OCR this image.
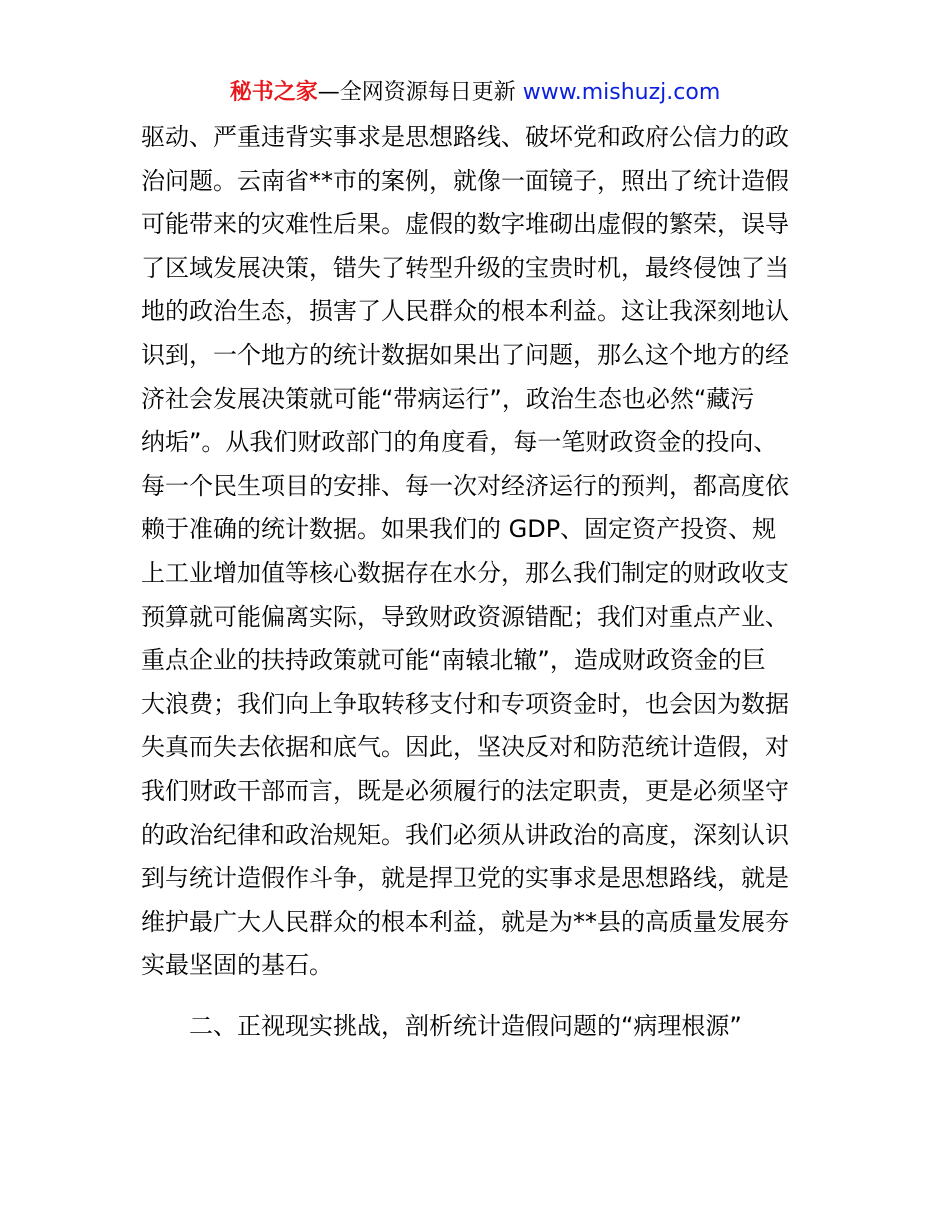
秘书之家—全网资源每日更新 www.mishuzj.com
驱动、严重违背实事求是思想路线、破坏党和政府公信力的政
治问题。云南省**市的案例，就像一面镜子，照出了统计造假
可能带来的灾难性后果。虚假的数字堆砌出虚假的繁荣，误导
了区域发展决策，错失了转型升级的宝贵时机，最终侵蚀了当
地的政治生态，损害了人民群众的根本利益。这让我深刻地认
识到，一个地方的统计数据如果出了问题，那么这个地方的经
济社会发展决策就可能“带病运行”，政治生态也必然“藏污
纳垢”。从我们财政部门的角度看，每一笔财政资金的投向、
每一个民生项目的安排、每一次对经济运行的预判，都高度依
赖于准确的统计数据。如果我们的 GDP、固定资产投资、规
上工业增加值等核心数据存在水分，那么我们制定的财政收支
预算就可能偏离实际，导致财政资源错配；我们对重点产业、
重点企业的扶持政策就可能“南辕北辙”，造成财政资金的巨
大浪费；我们向上争取转移支付和专项资金时，也会因为数据
失真而失去依据和底气。因此，坚决反对和防范统计造假，对
我们财政干部而言，既是必须履行的法定职责，更是必须坚守
的政治纪律和政治规矩。我们必须从讲政治的高度，深刻认识
到与统计造假作斗争，就是捍卫党的实事求是思想路线，就是
维护最广大人民群众的根本利益，就是为**县的高质量发展夯
实最坚固的基石。
二、正视现实挑战，剖析统计造假问题的“病理根源”
